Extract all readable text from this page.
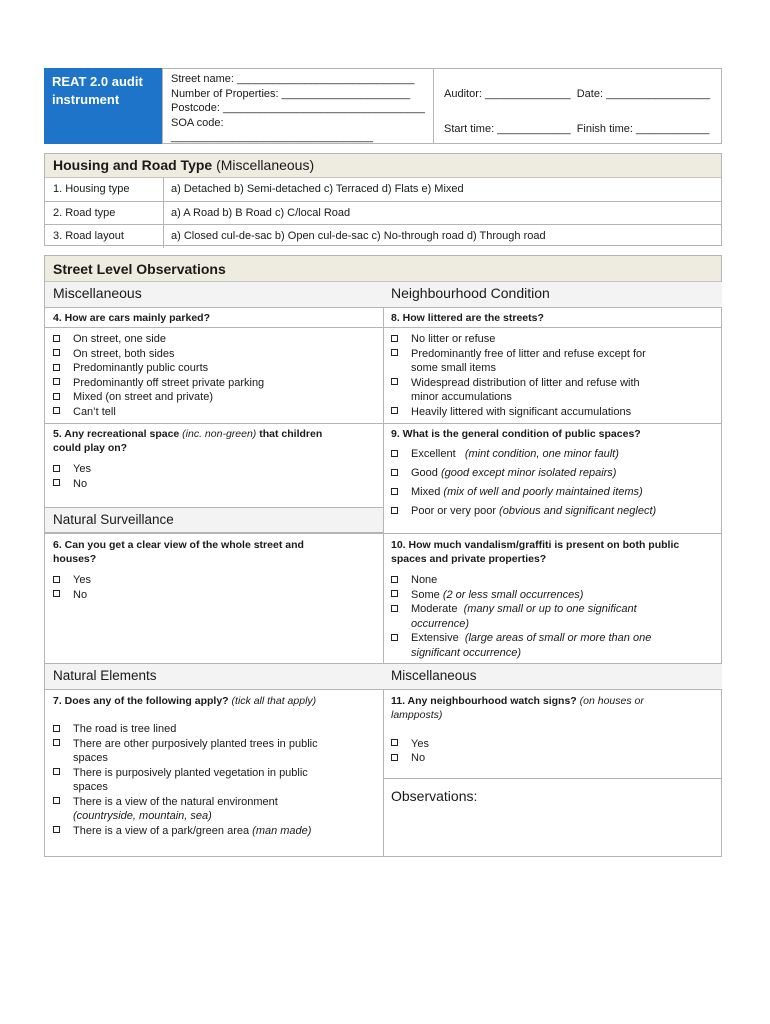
REAT 2.0 audit
instrument
Street name: _____________________________
Number of Properties: _____________________
Postcode: _________________________________
SOA code: _________________________________
Auditor: ______________  Date: _________________
Start time: ____________  Finish time: ____________
Housing and Road Type (Miscellaneous)
1. Housing type	a) Detached b) Semi-detached c) Terraced d) Flats e) Mixed
2. Road type	a) A Road b) B Road c) C/local Road
3. Road layout	a) Closed cul-de-sac b) Open cul-de-sac c) No-through road d) Through road
Street Level Observations
Miscellaneous	Neighbourhood Condition
4. How are cars mainly parked?
On street, one side
On street, both sides
Predominantly public courts
Predominantly off street private parking
Mixed (on street and private)
Can’t tell
8. How littered are the streets?
No litter or refuse
Predominantly free of litter and refuse except for
some small items
Widespread distribution of litter and refuse with
minor accumulations
Heavily littered with significant accumulations
5. Any recreational space (inc. non-green) that children
could play on?
Yes
No
9. What is the general condition of public spaces?
Excellent (mint condition, one minor fault)
Good (good except minor isolated repairs)
Mixed (mix of well and poorly maintained items)
Poor or very poor (obvious and significant neglect)
Natural Surveillance
6. Can you get a clear view of the whole street and
houses?
Yes
No
10. How much vandalism/graffiti is present on both public
spaces and private properties?
None
Some (2 or less small occurrences)
Moderate (many small or up to one significant
occurrence)
Extensive (large areas of small or more than one
significant occurrence)
Natural Elements	Miscellaneous
7. Does any of the following apply? (tick all that apply)
The road is tree lined
There are other purposively planted trees in public
spaces
There is purposively planted vegetation in public
spaces
There is a view of the natural environment
(countryside, mountain, sea)
There is a view of a park/green area (man made)
11. Any neighbourhood watch signs? (on houses or
lampposts)
Yes
No
Observations:
